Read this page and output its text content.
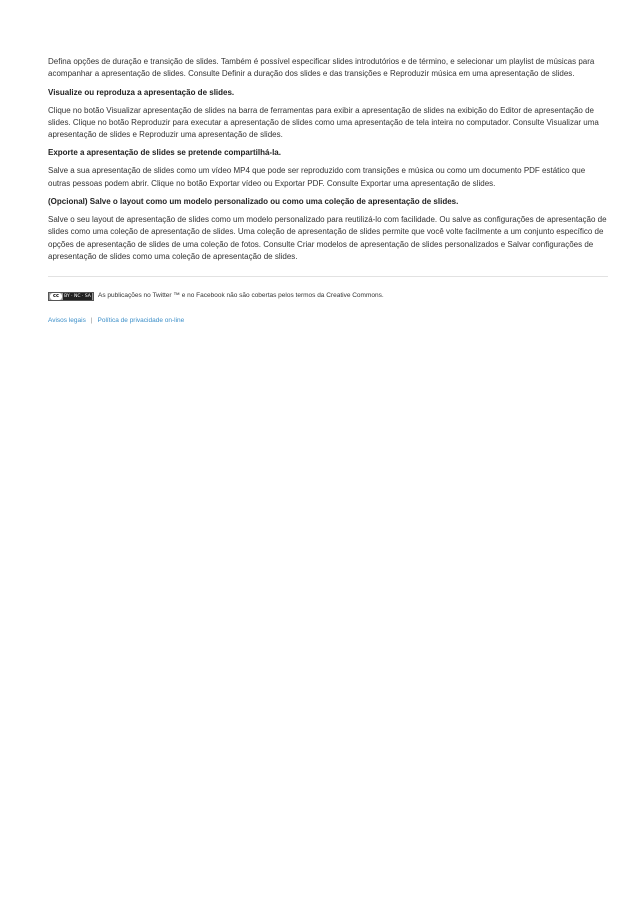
Defina opções de duração e transição de slides. Também é possível especificar slides introdutórios e de término, e selecionar um playlist de músicas para acompanhar a apresentação de slides. Consulte Definir a duração dos slides e das transições e Reproduzir música em uma apresentação de slides.

Visualize ou reproduza a apresentação de slides.

Clique no botão Visualizar apresentação de slides na barra de ferramentas para exibir a apresentação de slides na exibição do Editor de apresentação de slides. Clique no botão Reproduzir para executar a apresentação de slides como uma apresentação de tela inteira no computador. Consulte Visualizar uma apresentação de slides e Reproduzir uma apresentação de slides.

Exporte a apresentação de slides se pretende compartilhá-la.

Salve a sua apresentação de slides como um vídeo MP4 que pode ser reproduzido com transições e música ou como um documento PDF estático que outras pessoas podem abrir. Clique no botão Exportar vídeo ou Exportar PDF. Consulte Exportar uma apresentação de slides.

(Opcional) Salve o layout como um modelo personalizado ou como uma coleção de apresentação de slides.

Salve o seu layout de apresentação de slides como um modelo personalizado para reutilizá-lo com facilidade. Ou salve as configurações de apresentação de slides como uma coleção de apresentação de slides. Uma coleção de apresentação de slides permite que você volte facilmente a um conjunto específico de opções de apresentação de slides de uma coleção de fotos. Consulte Criar modelos de apresentação de slides personalizados e Salvar configurações de apresentação de slides como uma coleção de apresentação de slides.

cc	BY · NC · SA As publicações no Twitter ™ e no Facebook não são cobertas pelos termos da Creative Commons.
Avisos legais | Política de privacidade on-line
